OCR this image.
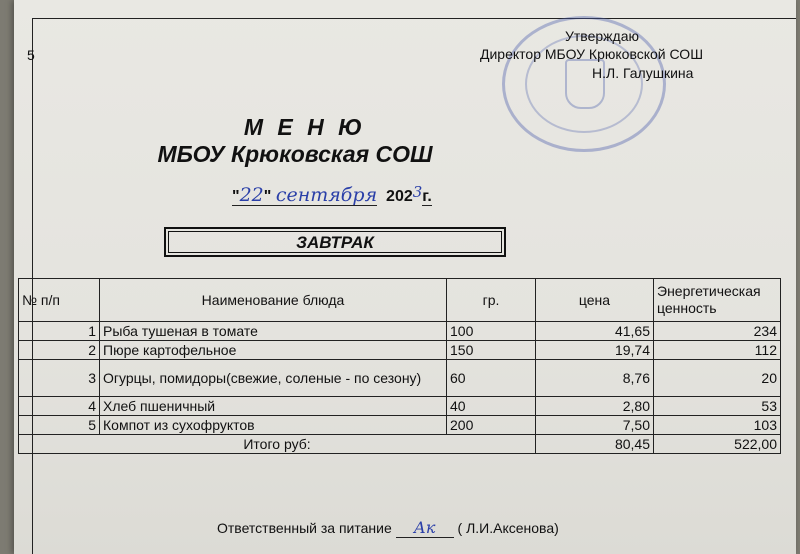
5
Утверждаю
Директор МБОУ Крюковской СОШ
Н.Л. Галушкина
М Е Н Ю
МБОУ Крюковская СОШ
"22" сентября 2023г.
ЗАВТРАК
№ п/п	Наименование блюда	гр.	цена	Энергетическая ценность
1	Рыба тушеная в томате	100	41,65	234
2	Пюре картофельное	150	19,74	112
3	Огурцы, помидоры(свежие, соленые - по сезону)	60	8,76	20
4	Хлеб пшеничный	40	2,80	53
5	Компот из сухофруктов	200	7,50	103
Итого руб:			80,45	522,00
Ответственный за питание Ак ( Л.И.Аксенова)
